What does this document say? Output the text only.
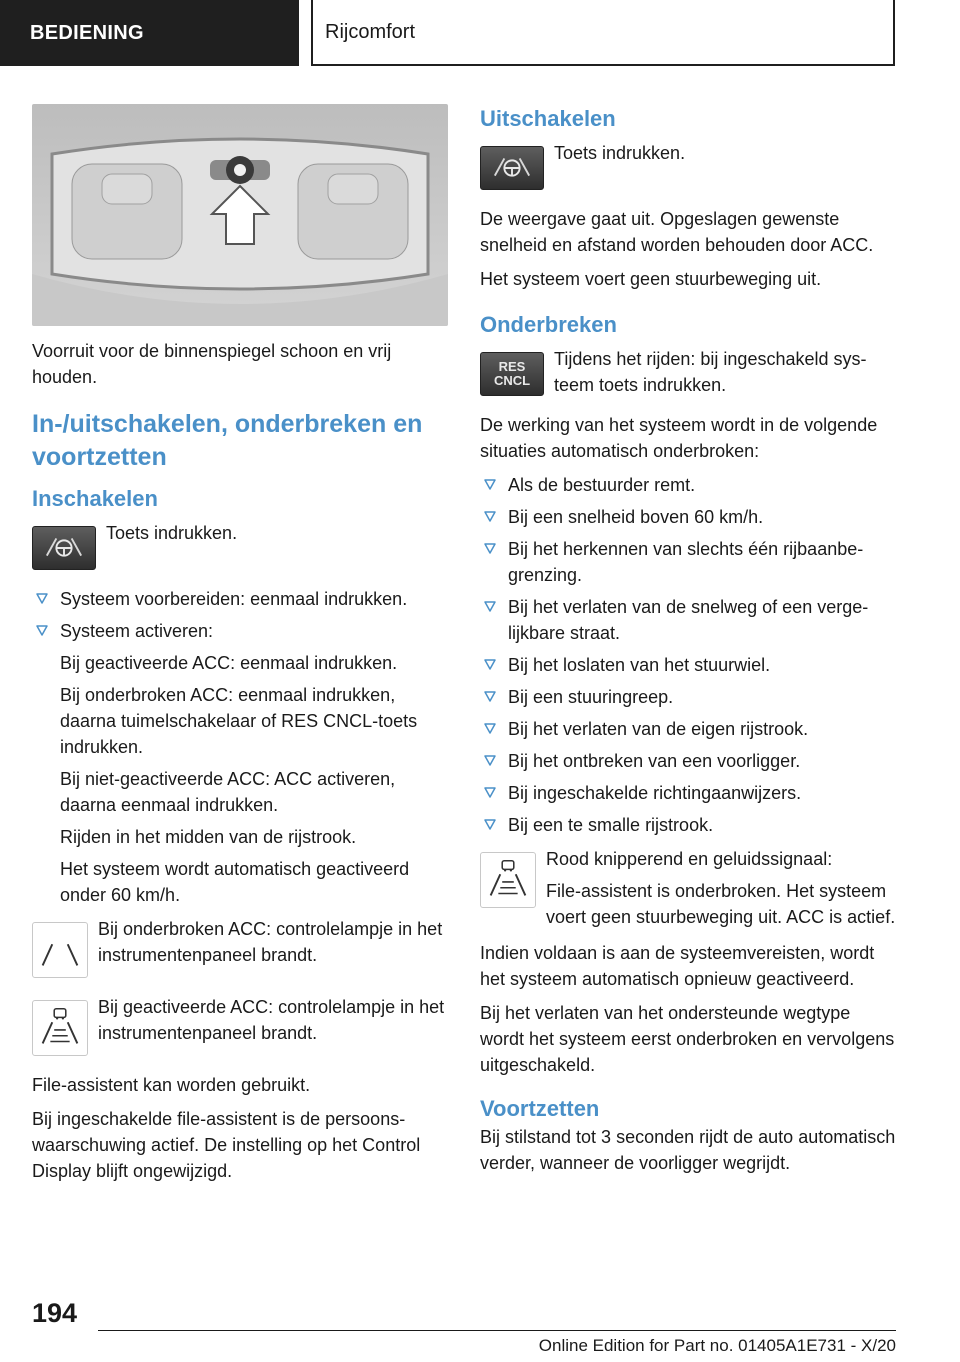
BEDIENING	Rijcomfort

Voorruit voor de binnenspiegel schoon en vrij houden.

In-/uitschakelen, onderbreken en voortzetten
Inschakelen

Toets indrukken.

Systeem voorbereiden: eenmaal indrukken.
Systeem activeren:
Bij geactiveerde ACC: eenmaal indrukken.
Bij onderbroken ACC: eenmaal indrukken, daarna tuimelschakelaar of RES CNCL-toets indrukken.
Bij niet-geactiveerde ACC: ACC activeren, daarna eenmaal indrukken.
Rijden in het midden van de rijstrook.
Het systeem wordt automatisch geactiveerd onder 60 km/h.

Bij onderbroken ACC: controlelampje in het instrumentenpaneel brandt.

Bij geactiveerde ACC: controlelampje in het instrumentenpaneel brandt.

File-assistent kan worden gebruikt.

Bij ingeschakelde file-assistent is de persoonswaarschuwing actief. De instelling op het Control Display blijft ongewijzigd.

Uitschakelen

Toets indrukken.

De weergave gaat uit. Opgeslagen gewenste snelheid en afstand worden behouden door ACC.

Het systeem voert geen stuurbeweging uit.

Onderbreken
RES
CNCL

Tijdens het rijden: bij ingeschakeld systeem toets indrukken.

De werking van het systeem wordt in de volgende situaties automatisch onderbroken:

Als de bestuurder remt.
Bij een snelheid boven 60 km/h.
Bij het herkennen van slechts één rijbaanbegrenzing.
Bij het verlaten van de snelweg of een vergelijkbare straat.
Bij het loslaten van het stuurwiel.
Bij een stuuringreep.
Bij het verlaten van de eigen rijstrook.
Bij het ontbreken van een voorligger.
Bij ingeschakelde richtingaanwijzers.
Bij een te smalle rijstrook.

Rood knipperend en geluidssignaal:

File-assistent is onderbroken. Het systeem voert geen stuurbeweging uit. ACC is actief.

Indien voldaan is aan de systeemvereisten, wordt het systeem automatisch opnieuw geactiveerd.

Bij het verlaten van het ondersteunde wegtype wordt het systeem eerst onderbroken en vervolgens uitgeschakeld.

Voortzetten

Bij stilstand tot 3 seconden rijdt de auto automatisch verder, wanneer de voorligger wegrijdt.

194
Online Edition for Part no. 01405A1E731 - X/20
